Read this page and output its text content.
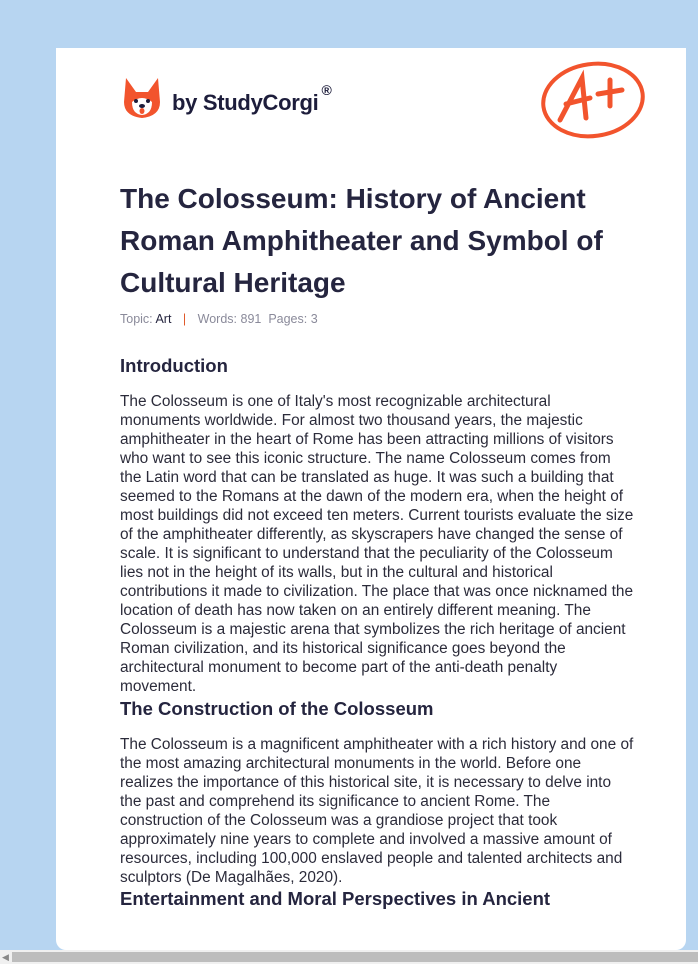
by StudyCorgi ®
The Colosseum: History of Ancient Roman Amphitheater and Symbol of Cultural Heritage
Topic: Art | Words: 891 Pages: 3
Introduction

The Colosseum is one of Italy's most recognizable architectural monuments worldwide. For almost two thousand years, the majestic amphitheater in the heart of Rome has been attracting millions of visitors who want to see this iconic structure. The name Colosseum comes from the Latin word that can be translated as huge. It was such a building that seemed to the Romans at the dawn of the modern era, when the height of most buildings did not exceed ten meters. Current tourists evaluate the size of the amphitheater differently, as skyscrapers have changed the sense of scale. It is significant to understand that the peculiarity of the Colosseum lies not in the height of its walls, but in the cultural and historical contributions it made to civilization. The place that was once nicknamed the location of death has now taken on an entirely different meaning. The Colosseum is a majestic arena that symbolizes the rich heritage of ancient Roman civilization, and its historical significance goes beyond the architectural monument to become part of the anti-death penalty movement.

The Construction of the Colosseum

The Colosseum is a magnificent amphitheater with a rich history and one of the most amazing architectural monuments in the world. Before one realizes the importance of this historical site, it is necessary to delve into the past and comprehend its significance to ancient Rome. The construction of the Colosseum was a grandiose project that took approximately nine years to complete and involved a massive amount of resources, including 100,000 enslaved people and talented architects and sculptors (De Magalhães, 2020).

Entertainment and Moral Perspectives in Ancient
◀
